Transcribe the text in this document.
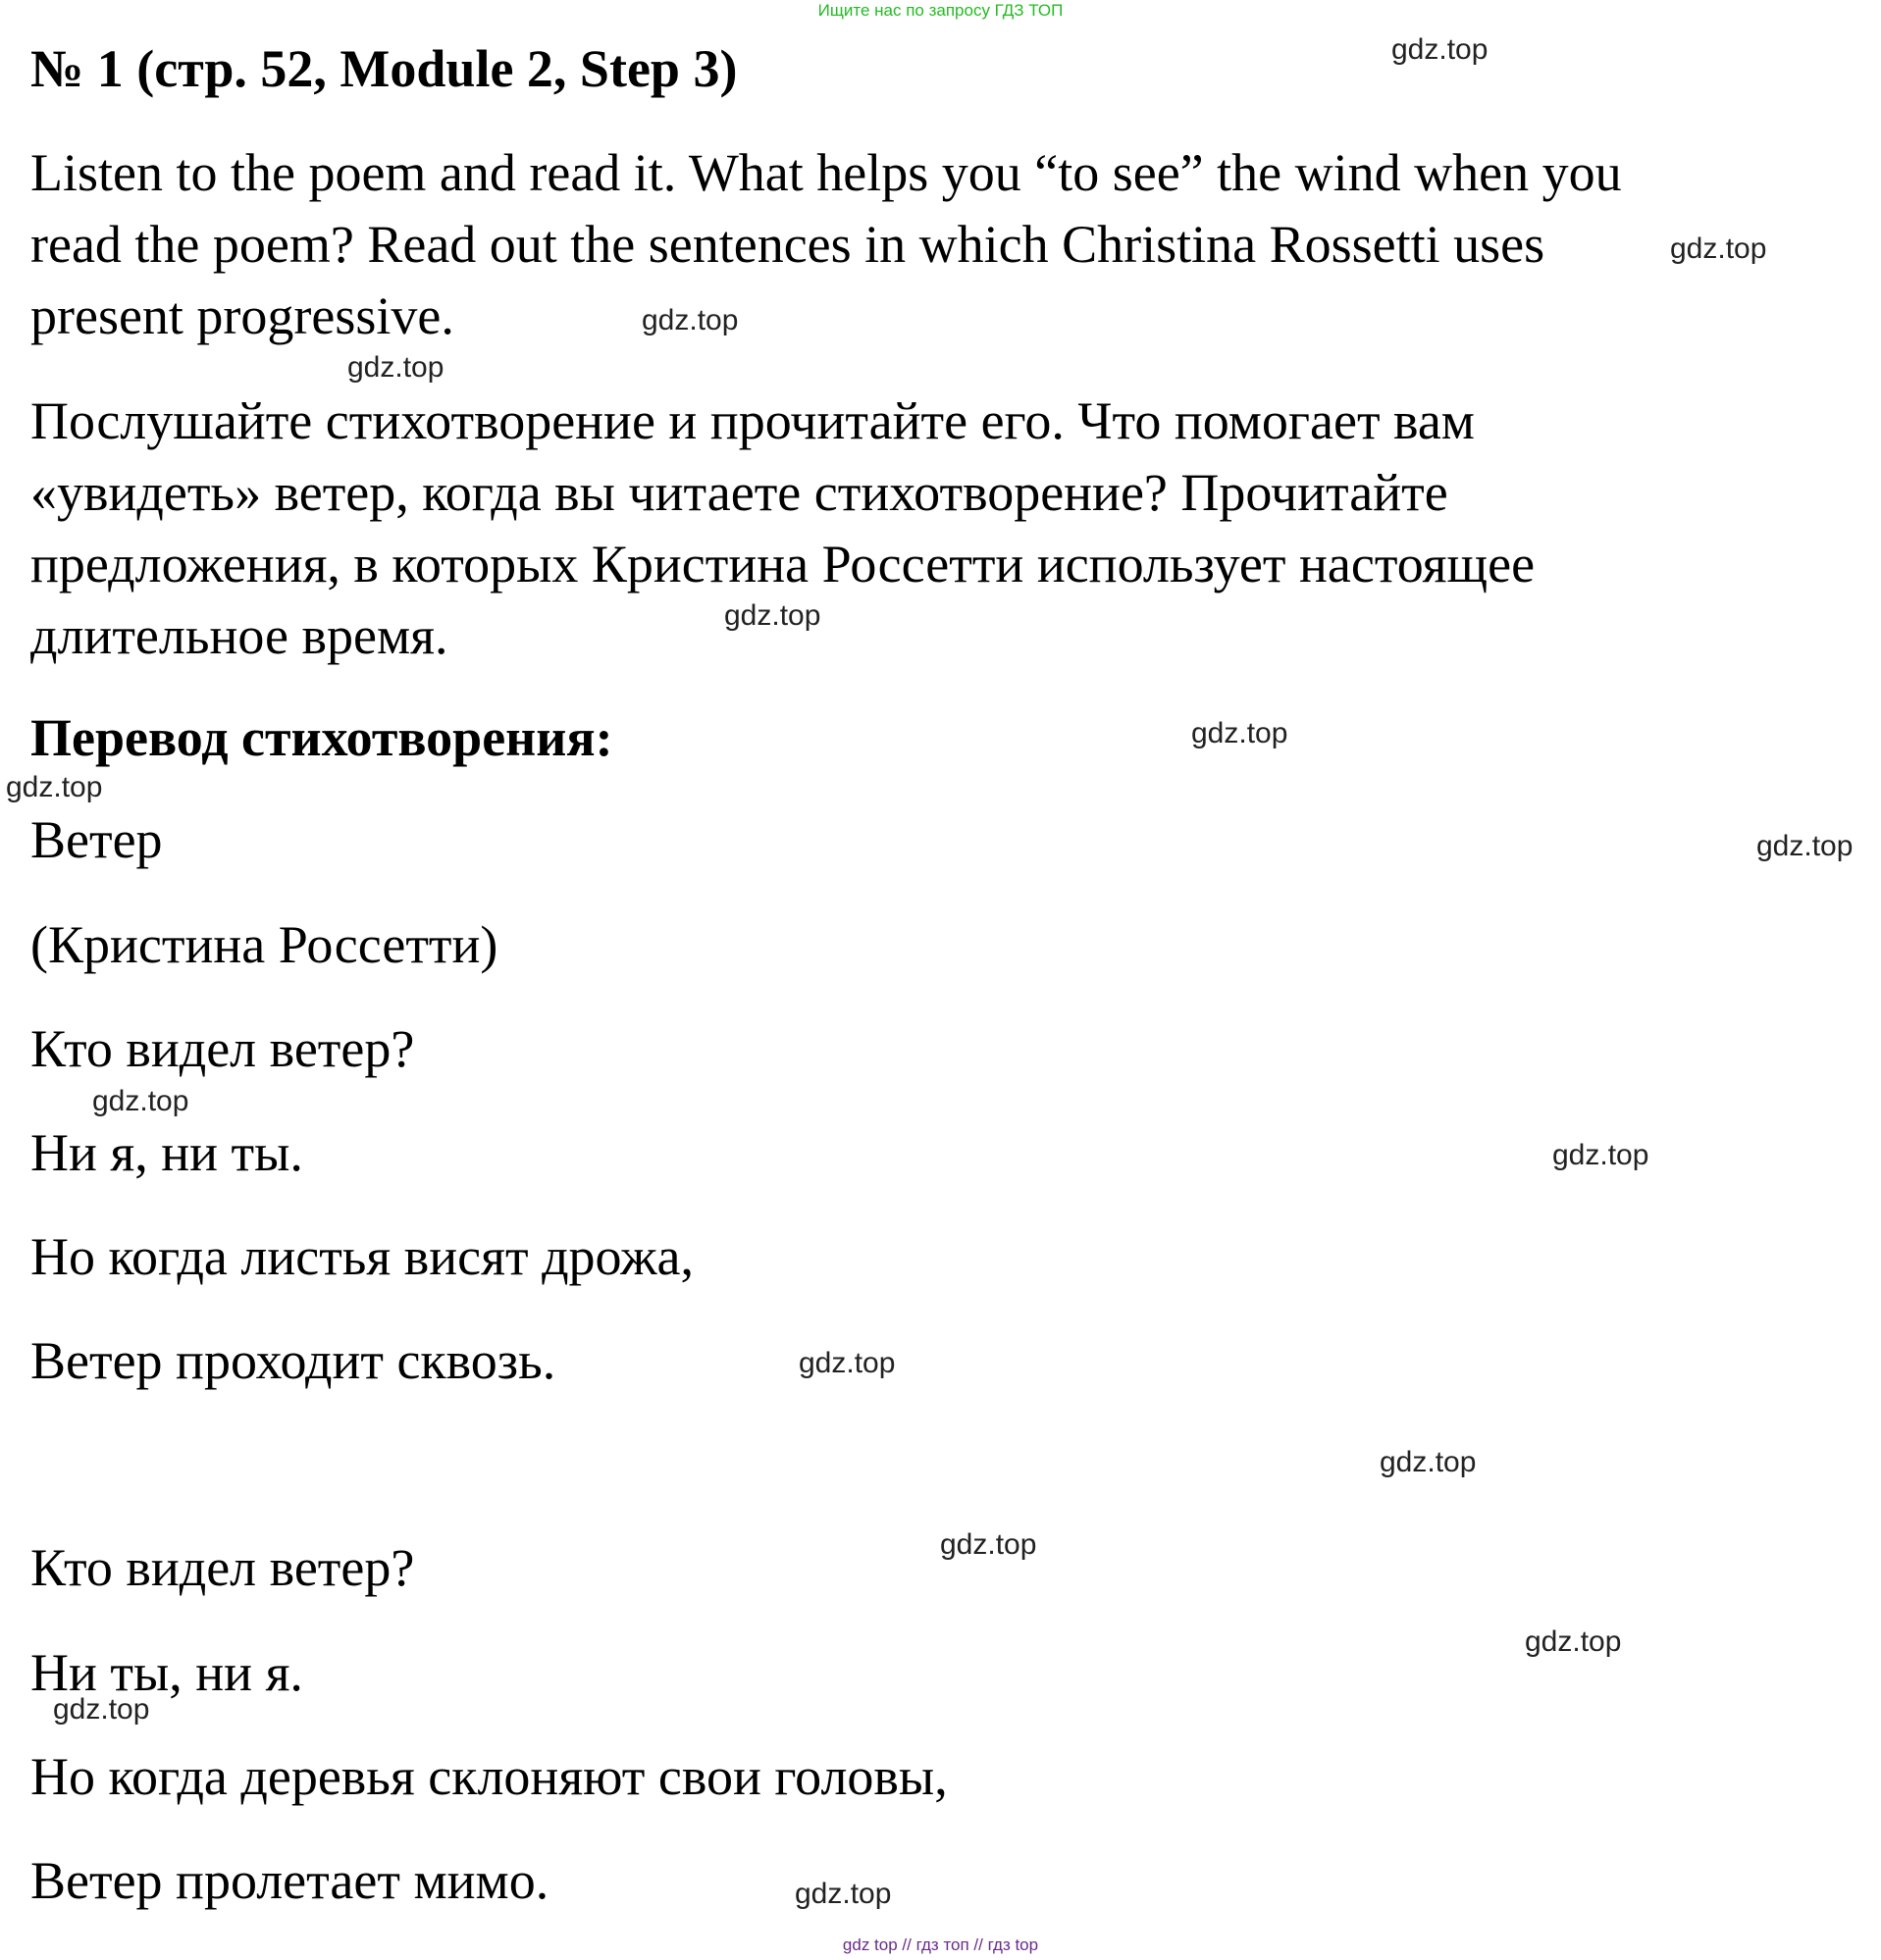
Ищите нас по запросу ГДЗ ТОП
№ 1 (стр. 52, Module 2, Step 3)
Listen to the poem and read it. What helps you “to see” the wind when you
read the poem? Read out the sentences in which Christina Rossetti uses
present progressive.
Послушайте стихотворение и прочитайте его. Что помогает вам
«увидеть» ветер, когда вы читаете стихотворение? Прочитайте
предложения, в которых Кристина Россетти использует настоящее
длительное время.
Перевод стихотворения:
Ветер
(Кристина Россетти)
Кто видел ветер?
Ни я, ни ты.
Но когда листья висят дрожа,
Ветер проходит сквозь.
Кто видел ветер?
Ни ты, ни я.
Но когда деревья склоняют свои головы,
Ветер пролетает мимо.
gdz.top
gdz.top
gdz.top
gdz.top
gdz.top
gdz.top
gdz.top
gdz.top
gdz.top
gdz.top
gdz.top
gdz.top
gdz.top
gdz.top
gdz.top
gdz.top
gdz top // гдз топ // гдз top
